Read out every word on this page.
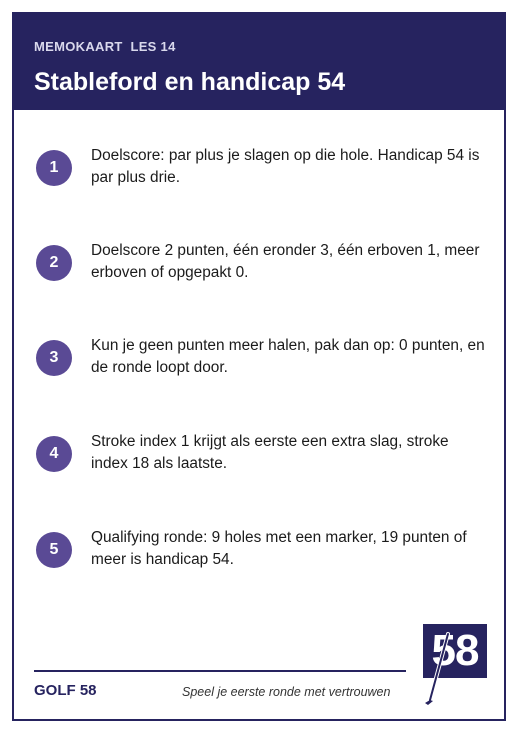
MEMOKAART  LES 14
Stableford en handicap 54
1
Doelscore: par plus je slagen op die hole. Handicap 54 is par plus drie.
2
Doelscore 2 punten, één eronder 3, één erboven 1, meer erboven of opgepakt 0.
3
Kun je geen punten meer halen, pak dan op: 0 punten, en de ronde loopt door.
4
Stroke index 1 krijgt als eerste een extra slag, stroke index 18 als laatste.
5
Qualifying ronde: 9 holes met een marker, 19 punten of meer is handicap 54.
GOLF 58	Speel je eerste ronde met vertrouwen
58
